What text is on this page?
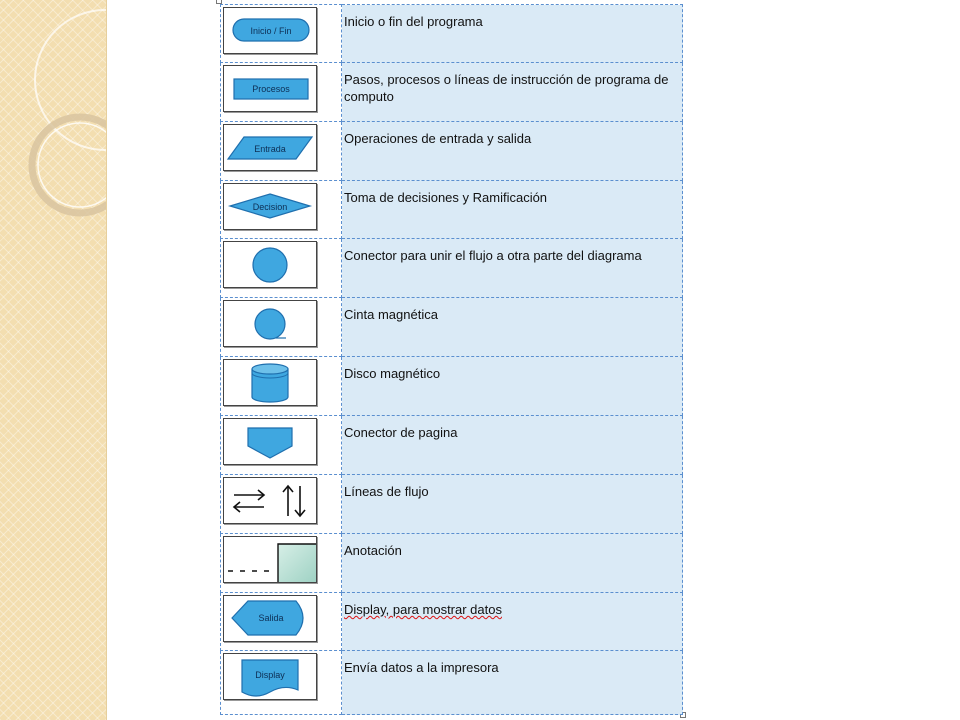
Inicio / Fin	Inicio o fin del programa

Procesos	Pasos, procesos o líneas de instrucción de programa de computo

Entrada	Operaciones de entrada y salida

Decision	Toma de decisiones y Ramificación

	Conector para unir el flujo a otra parte del diagrama

	Cinta magnética

	Disco magnético

	Conector de pagina

	Líneas de flujo

	Anotación

Salida	Display, para mostrar datos

Display	Envía datos a la impresora
